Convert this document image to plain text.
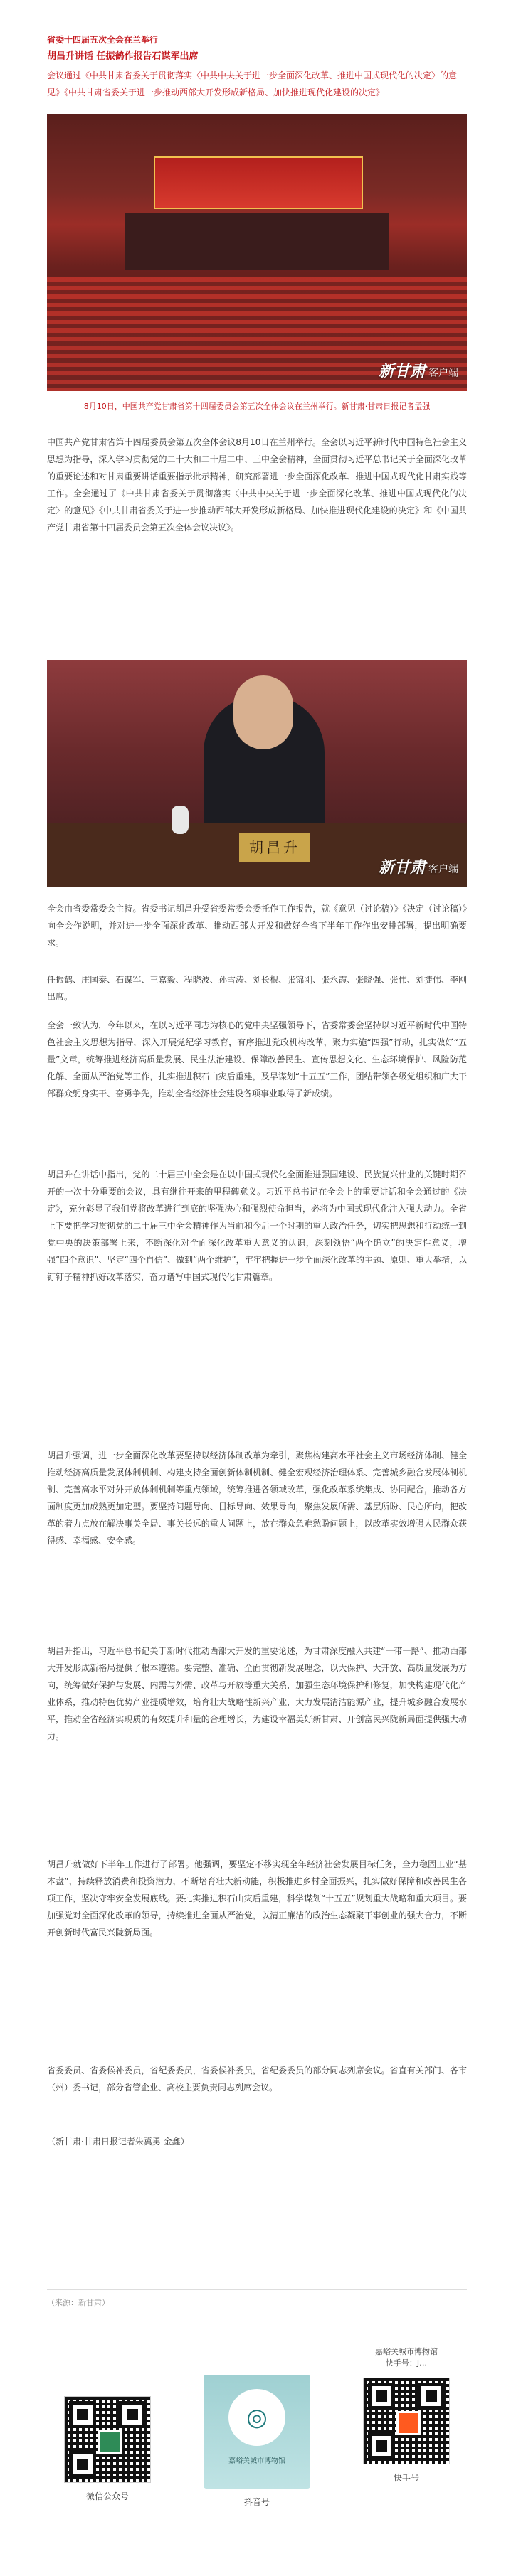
省委十四届五次全会在兰举行
胡昌升讲话 任振鹤作报告石谋军出席
会议通过《中共甘肃省委关于贯彻落实〈中共中央关于进一步全面深化改革、推进中国式现代化的决定〉的意见》《中共甘肃省委关于进一步推动西部大开发形成新格局、加快推进现代化建设的决定》
新甘肃 客户端
8月10日，中国共产党甘肃省第十四届委员会第五次全体会议在兰州举行。新甘肃·甘肃日报记者孟强

中国共产党甘肃省第十四届委员会第五次全体会议8月10日在兰州举行。全会以习近平新时代中国特色社会主义思想为指导，深入学习贯彻党的二十大和二十届二中、三中全会精神，全面贯彻习近平总书记关于全面深化改革的重要论述和对甘肃重要讲话重要指示批示精神，研究部署进一步全面深化改革、推进中国式现代化甘肃实践等工作。全会通过了《中共甘肃省委关于贯彻落实〈中共中央关于进一步全面深化改革、推进中国式现代化的决定〉的意见》《中共甘肃省委关于进一步推动西部大开发形成新格局、加快推进现代化建设的决定》和《中国共产党甘肃省第十四届委员会第五次全体会议决议》。

胡昌升
新甘肃 客户端

全会由省委常委会主持。省委书记胡昌升受省委常委会委托作工作报告，就《意见（讨论稿）》《决定（讨论稿）》向全会作说明，并对进一步全面深化改革、推动西部大开发和做好全省下半年工作作出安排部署，提出明确要求。

任振鹤、庄国泰、石谋军、王嘉毅、程晓波、孙雪涛、刘长根、张锦刚、张永霞、张晓强、张伟、刘捷伟、李刚出席。

全会一致认为，今年以来，在以习近平同志为核心的党中央坚强领导下，省委常委会坚持以习近平新时代中国特色社会主义思想为指导，深入开展党纪学习教育，有序推进党政机构改革，聚力实施“四强”行动，扎实做好“五量”文章，统筹推进经济高质量发展、民生法治建设、保障改善民生、宣传思想文化、生态环境保护、风险防范化解、全面从严治党等工作，扎实推进积石山灾后重建，及早谋划“十五五”工作，团结带领各级党组织和广大干部群众躬身实干、奋勇争先，推动全省经济社会建设各项事业取得了新成绩。

胡昌升在讲话中指出，党的二十届三中全会是在以中国式现代化全面推进强国建设、民族复兴伟业的关键时期召开的一次十分重要的会议，具有继往开来的里程碑意义。习近平总书记在全会上的重要讲话和全会通过的《决定》，充分彰显了我们党将改革进行到底的坚强决心和强烈使命担当，必将为中国式现代化注入强大动力。全省上下要把学习贯彻党的二十届三中全会精神作为当前和今后一个时期的重大政治任务，切实把思想和行动统一到党中央的决策部署上来，不断深化对全面深化改革重大意义的认识，深刻领悟“两个确立”的决定性意义，增强“四个意识”、坚定“四个自信”、做到“两个维护”，牢牢把握进一步全面深化改革的主题、原则、重大举措，以钉钉子精神抓好改革落实，奋力谱写中国式现代化甘肃篇章。

胡昌升强调，进一步全面深化改革要坚持以经济体制改革为牵引，聚焦构建高水平社会主义市场经济体制、健全推动经济高质量发展体制机制、构建支持全面创新体制机制、健全宏观经济治理体系、完善城乡融合发展体制机制、完善高水平对外开放体制机制等重点领域，统筹推进各领域改革，强化改革系统集成、协同配合，推动各方面制度更加成熟更加定型。要坚持问题导向、目标导向、效果导向，聚焦发展所需、基层所盼、民心所向，把改革的着力点放在解决事关全局、事关长远的重大问题上，放在群众急难愁盼问题上，以改革实效增强人民群众获得感、幸福感、安全感。

胡昌升指出，习近平总书记关于新时代推动西部大开发的重要论述，为甘肃深度融入共建“一带一路”、推动西部大开发形成新格局提供了根本遵循。要完整、准确、全面贯彻新发展理念，以大保护、大开放、高质量发展为方向，统筹做好保护与发展、内需与外需、改革与开放等重大关系，加强生态环境保护和修复，加快构建现代化产业体系，推动特色优势产业提质增效，培育壮大战略性新兴产业，大力发展清洁能源产业，提升城乡融合发展水平，推动全省经济实现质的有效提升和量的合理增长，为建设幸福美好新甘肃、开创富民兴陇新局面提供强大动力。

胡昌升就做好下半年工作进行了部署。他强调，要坚定不移实现全年经济社会发展目标任务，全力稳固工业“基本盘”，持续释放消费和投资潜力，不断培育壮大新动能，积极推进乡村全面振兴，扎实做好保障和改善民生各项工作，坚决守牢安全发展底线。要扎实推进积石山灾后重建，科学谋划“十五五”规划重大战略和重大项目。要加强党对全面深化改革的领导，持续推进全面从严治党，以清正廉洁的政治生态凝聚干事创业的强大合力，不断开创新时代富民兴陇新局面。

省委委员、省委候补委员，省纪委委员，省委候补委员，省纪委委员的部分同志列席会议。省直有关部门、各市（州）委书记，部分省管企业、高校主要负责同志列席会议。

（新甘肃·甘肃日报记者朱冀勇 金鑫）

（来源：新甘肃）
微信公众号
◎
嘉峪关城市博物馆
抖音号
嘉峪关城市博物馆
快手号：J…
快手号
